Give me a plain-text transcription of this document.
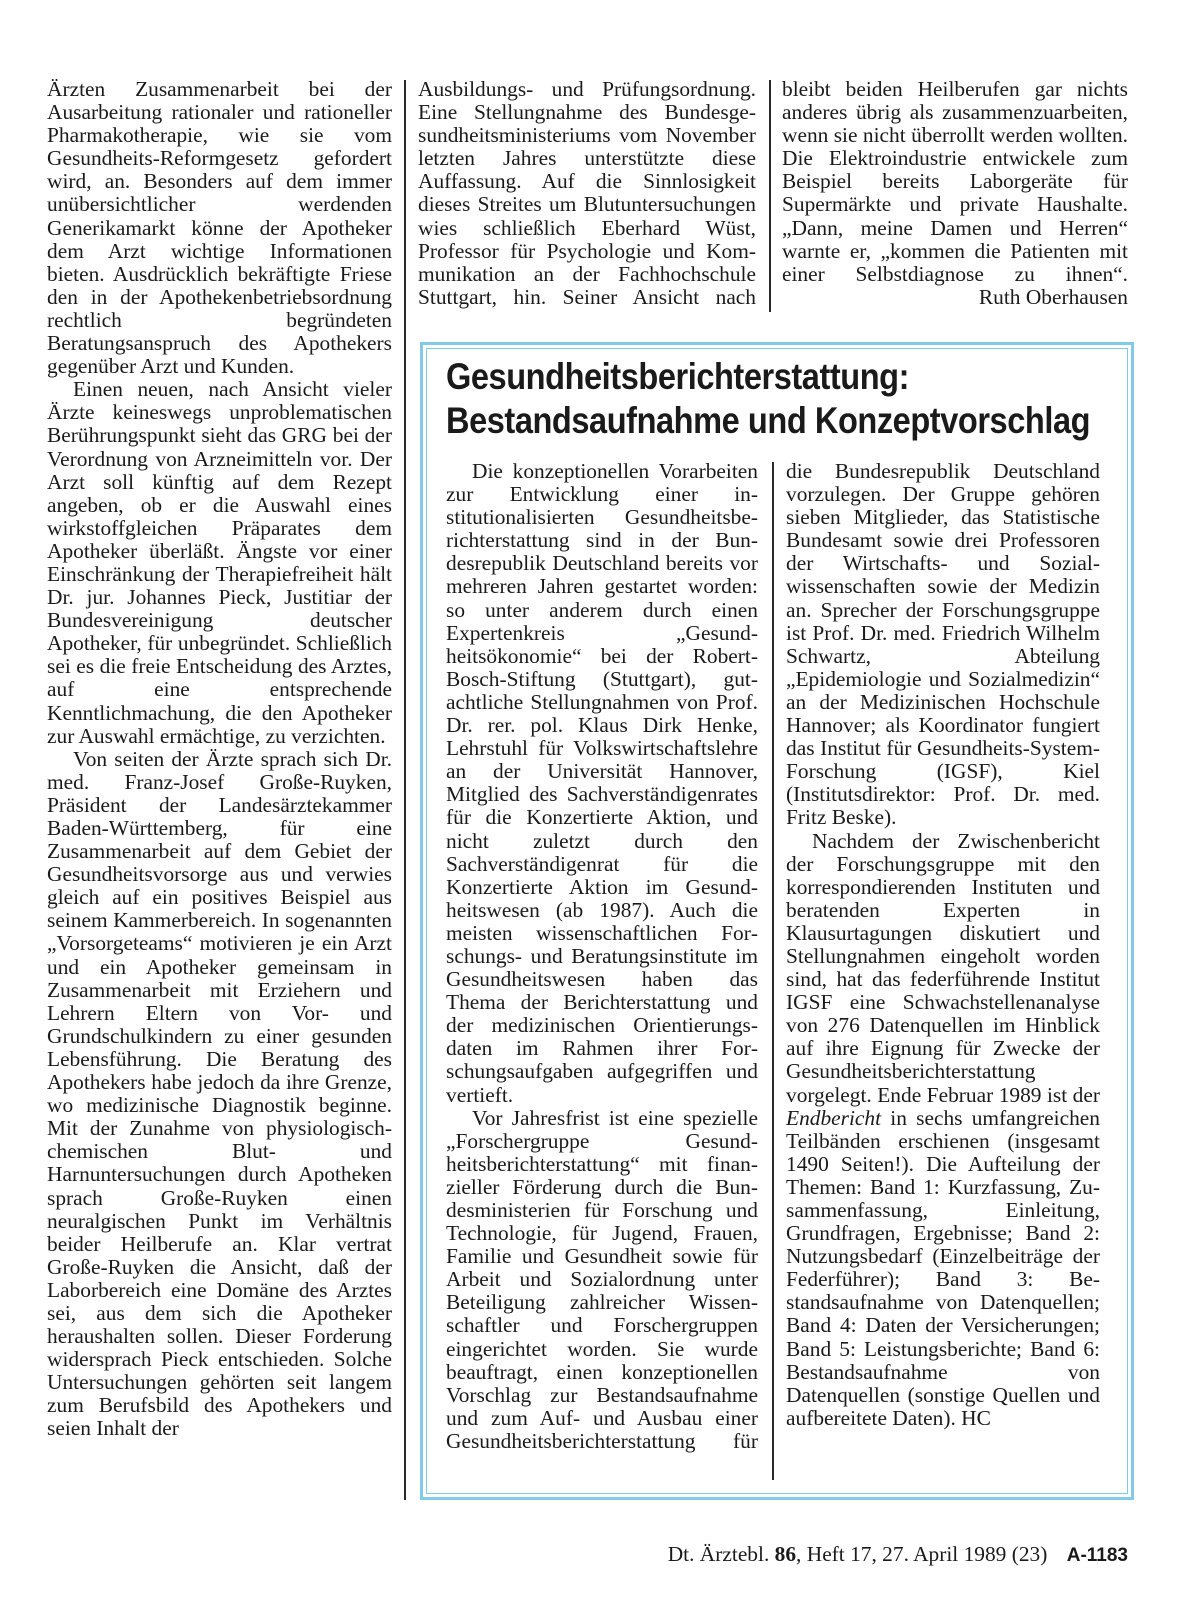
Ärzten Zusammenarbeit bei der Ausarbeitung rationaler und rationeller Pharmakotherapie, wie sie vom Gesundheits-Reformgesetz gefordert wird, an. Besonders auf dem immer unübersichtlicher werdenden Generikamarkt könne der Apotheker dem Arzt wichtige Informationen bieten. Ausdrücklich bekräftigte Friese den in der Apothekenbetriebsordnung rechtlich begründeten Beratungsanspruch des Apothekers gegenüber Arzt und Kunden.

Einen neuen, nach Ansicht vieler Ärzte keineswegs unproblematischen Berührungspunkt sieht das GRG bei der Verordnung von Arzneimitteln vor. Der Arzt soll künftig auf dem Rezept angeben, ob er die Auswahl eines wirkstoffgleichen Präparates dem Apotheker überläßt. Ängste vor einer Einschränkung der Therapiefreiheit hält Dr. jur. Johannes Pieck, Justitiar der Bundesvereinigung deutscher Apotheker, für unbegründet. Schließlich sei es die freie Entscheidung des Arztes, auf eine entsprechende Kenntlichmachung, die den Apotheker zur Auswahl ermächtige, zu verzichten.

Von seiten der Ärzte sprach sich Dr. med. Franz-Josef Große-Ruyken, Präsident der Landesärztekammer Baden-Württemberg, für eine Zusammenarbeit auf dem Gebiet der Gesundheitsvorsorge aus und verwies gleich auf ein positives Beispiel aus seinem Kammerbereich. In sogenannten „Vorsorgeteams“ motivieren je ein Arzt und ein Apotheker gemeinsam in Zusammenarbeit mit Erziehern und Lehrern Eltern von Vor- und Grundschulkindern zu einer gesunden Lebensführung. Die Beratung des Apothekers habe jedoch da ihre Grenze, wo medizinische Diagnostik beginne. Mit der Zunahme von physiologisch-chemischen Blut- und Harnuntersuchungen durch Apotheken sprach Große-Ruyken einen neuralgischen Punkt im Verhältnis beider Heilberufe an. Klar vertrat Große-Ruyken die Ansicht, daß der Laborbereich eine Domäne des Arztes sei, aus dem sich die Apotheker heraushalten sollen. Dieser Forderung widersprach Pieck entschieden. Solche Untersuchungen gehörten seit langem zum Berufsbild des Apothekers und seien Inhalt der

Ausbildungs- und Prüfungsordnung. Eine Stellungnahme des Bundesgesundheitsministeriums vom November letzten Jahres unterstützte diese Auffassung. Auf die Sinnlosigkeit dieses Streites um Blutuntersuchungen wies schließlich Eberhard Wüst, Professor für Psychologie und Kommunikation an der Fachhochschule Stuttgart, hin. Seiner Ansicht nach

bleibt beiden Heilberufen gar nichts anderes übrig als zusammenzuarbeiten, wenn sie nicht überrollt werden wollten. Die Elektroindustrie entwickele zum Beispiel bereits Laborgeräte für Supermärkte und private Haushalte. „Dann, meine Damen und Herren“ warnte er, „kommen die Patienten mit einer Selbstdiagnose zu ihnen“.
Ruth Oberhausen

Gesundheitsberichterstattung:
Bestandsaufnahme und Konzeptvorschlag

Die konzeptionellen Vorarbeiten zur Entwicklung einer institutionalisierten Gesundheitsberichterstattung sind in der Bundesrepublik Deutschland bereits vor mehreren Jahren gestartet worden: so unter anderem durch einen Expertenkreis „Gesundheitsökonomie“ bei der Robert-Bosch-Stiftung (Stuttgart), gutachtliche Stellungnahmen von Prof. Dr. rer. pol. Klaus Dirk Henke, Lehrstuhl für Volkswirtschaftslehre an der Universität Hannover, Mitglied des Sachverständigenrates für die Konzertierte Aktion, und nicht zuletzt durch den Sachverständigenrat für die Konzertierte Aktion im Gesundheitswesen (ab 1987). Auch die meisten wissenschaftlichen Forschungs- und Beratungsinstitute im Gesundheitswesen haben das Thema der Berichterstattung und der medizinischen Orientierungsdaten im Rahmen ihrer Forschungsaufgaben aufgegriffen und vertieft.

Vor Jahresfrist ist eine spezielle „Forschergruppe Gesundheitsberichterstattung“ mit finanzieller Förderung durch die Bundesministerien für Forschung und Technologie, für Jugend, Frauen, Familie und Gesundheit sowie für Arbeit und Sozialordnung unter Beteiligung zahlreicher Wissenschaftler und Forschergruppen eingerichtet worden. Sie wurde beauftragt, einen konzeptionellen Vorschlag zur Bestandsaufnahme und zum Auf- und Ausbau einer Gesundheitsberichterstattung für

die Bundesrepublik Deutschland vorzulegen. Der Gruppe gehören sieben Mitglieder, das Statistische Bundesamt sowie drei Professoren der Wirtschafts- und Sozialwissenschaften sowie der Medizin an. Sprecher der Forschungsgruppe ist Prof. Dr. med. Friedrich Wilhelm Schwartz, Abteilung „Epidemiologie und Sozialmedizin“ an der Medizinischen Hochschule Hannover; als Koordinator fungiert das Institut für Gesundheits-System-Forschung (IGSF), Kiel (Institutsdirektor: Prof. Dr. med. Fritz Beske).

Nachdem der Zwischenbericht der Forschungsgruppe mit den korrespondierenden Instituten und beratenden Experten in Klausurtagungen diskutiert und Stellungnahmen eingeholt worden sind, hat das federführende Institut IGSF eine Schwachstellenanalyse von 276 Datenquellen im Hinblick auf ihre Eignung für Zwecke der Gesundheitsberichterstattung vorgelegt. Ende Februar 1989 ist der Endbericht in sechs umfangreichen Teilbänden erschienen (insgesamt 1490 Seiten!). Die Aufteilung der Themen: Band 1: Kurzfassung, Zusammenfassung, Einleitung, Grundfragen, Ergebnisse; Band 2: Nutzungsbedarf (Einzelbeiträge der Federführer); Band 3: Bestandsaufnahme von Datenquellen; Band 4: Daten der Versicherungen; Band 5: Leistungsberichte; Band 6: Bestandsaufnahme von Datenquellen (sonstige Quellen und aufbereitete Daten). HC

Dt. Ärztebl. 86, Heft 17, 27. April 1989 (23) A-1183
